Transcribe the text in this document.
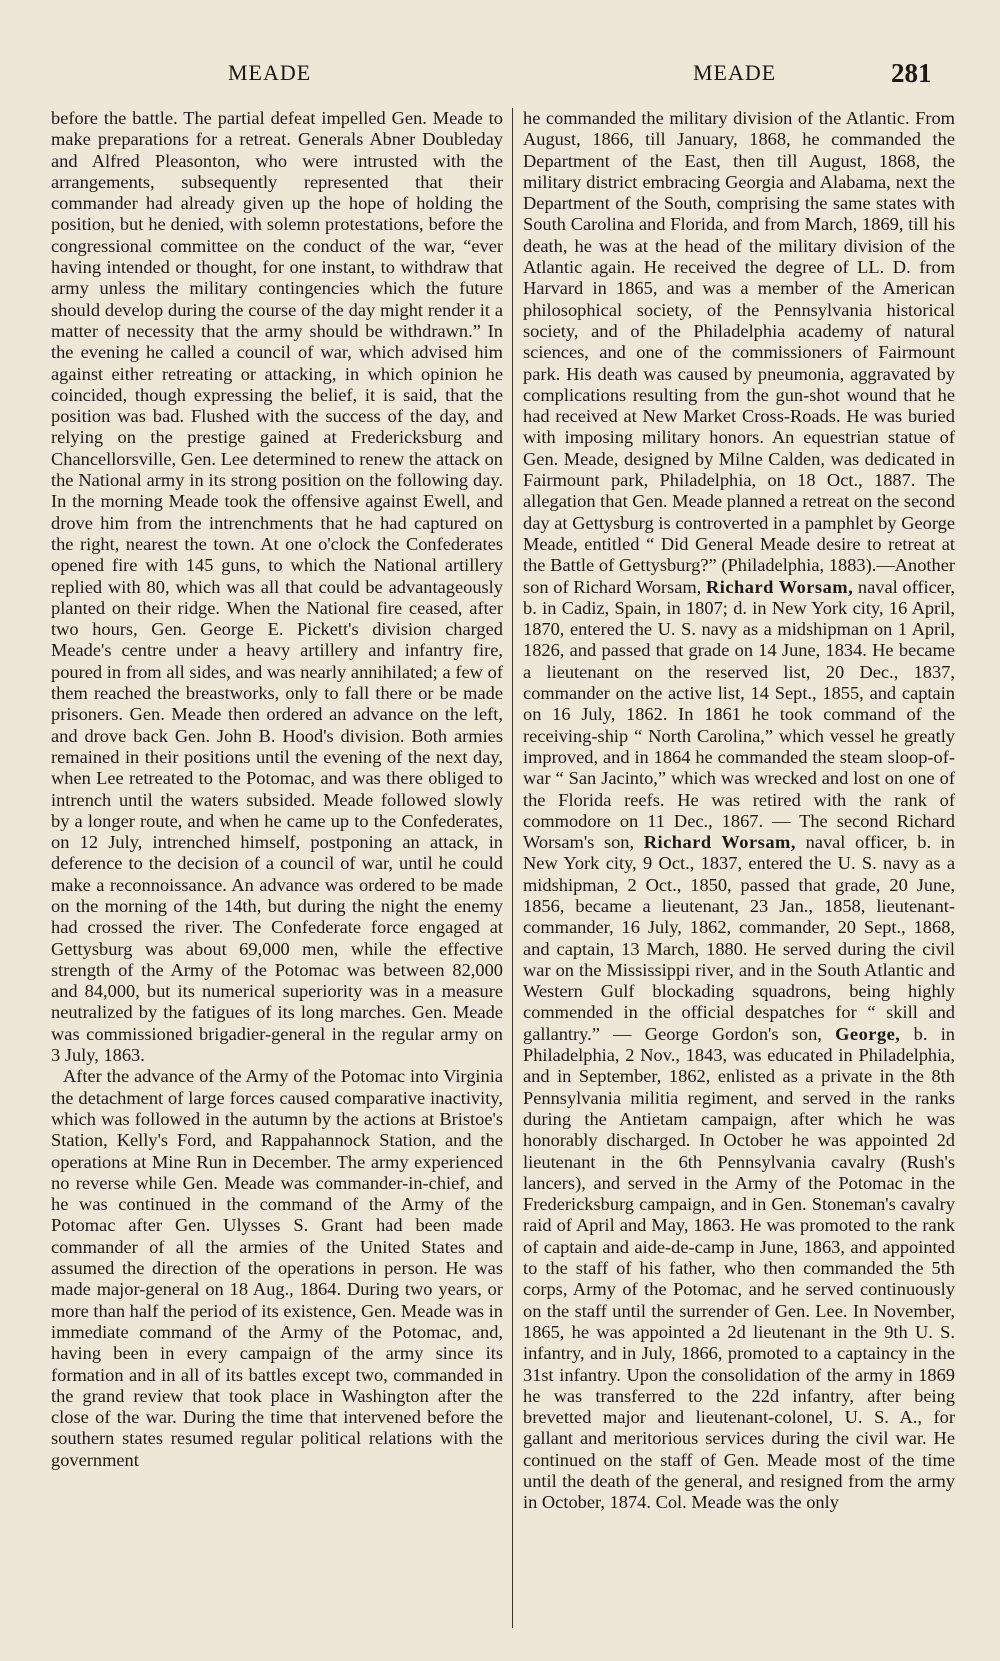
MEADE	MEADE	281

before the battle. The partial defeat impelled Gen. Meade to make preparations for a retreat. Generals Abner Doubleday and Alfred Pleasonton, who were intrusted with the arrangements, subsequently represented that their commander had already given up the hope of holding the position, but he denied, with solemn protestations, before the congressional committee on the conduct of the war, “ever having intended or thought, for one instant, to withdraw that army unless the military contingencies which the future should develop during the course of the day might render it a matter of necessity that the army should be withdrawn.” In the evening he called a council of war, which advised him against either retreating or attacking, in which opinion he coincided, though expressing the belief, it is said, that the position was bad. Flushed with the success of the day, and relying on the prestige gained at Fredericksburg and Chancellorsville, Gen. Lee determined to renew the attack on the National army in its strong position on the following day. In the morning Meade took the offensive against Ewell, and drove him from the intrenchments that he had captured on the right, nearest the town. At one o'clock the Confederates opened fire with 145 guns, to which the National artillery replied with 80, which was all that could be advantageously planted on their ridge. When the National fire ceased, after two hours, Gen. George E. Pickett's division charged Meade's centre under a heavy artillery and infantry fire, poured in from all sides, and was nearly annihilated; a few of them reached the breastworks, only to fall there or be made prisoners. Gen. Meade then ordered an advance on the left, and drove back Gen. John B. Hood's division. Both armies remained in their positions until the evening of the next day, when Lee retreated to the Potomac, and was there obliged to intrench until the waters subsided. Meade followed slowly by a longer route, and when he came up to the Confederates, on 12 July, intrenched himself, postponing an attack, in deference to the decision of a council of war, until he could make a reconnoissance. An advance was ordered to be made on the morning of the 14th, but during the night the enemy had crossed the river. The Confederate force engaged at Gettysburg was about 69,000 men, while the effective strength of the Army of the Potomac was between 82,000 and 84,000, but its numerical superiority was in a measure neutralized by the fatigues of its long marches. Gen. Meade was commissioned brigadier-general in the regular army on 3 July, 1863.

After the advance of the Army of the Potomac into Virginia the detachment of large forces caused comparative inactivity, which was followed in the autumn by the actions at Bristoe's Station, Kelly's Ford, and Rappahannock Station, and the operations at Mine Run in December. The army experienced no reverse while Gen. Meade was commander-in-chief, and he was continued in the command of the Army of the Potomac after Gen. Ulysses S. Grant had been made commander of all the armies of the United States and assumed the direction of the operations in person. He was made major-general on 18 Aug., 1864. During two years, or more than half the period of its existence, Gen. Meade was in immediate command of the Army of the Potomac, and, having been in every campaign of the army since its formation and in all of its battles except two, commanded in the grand review that took place in Washington after the close of the war. During the time that intervened before the southern states resumed regular political relations with the government

he commanded the military division of the Atlantic. From August, 1866, till January, 1868, he commanded the Department of the East, then till August, 1868, the military district embracing Georgia and Alabama, next the Department of the South, comprising the same states with South Carolina and Florida, and from March, 1869, till his death, he was at the head of the military division of the Atlantic again. He received the degree of LL. D. from Harvard in 1865, and was a member of the American philosophical society, of the Pennsylvania historical society, and of the Philadelphia academy of natural sciences, and one of the commissioners of Fairmount park. His death was caused by pneumonia, aggravated by complications resulting from the gun-shot wound that he had received at New Market Cross-Roads. He was buried with imposing military honors. An equestrian statue of Gen. Meade, designed by Milne Calden, was dedicated in Fairmount park, Philadelphia, on 18 Oct., 1887. The allegation that Gen. Meade planned a retreat on the second day at Gettysburg is controverted in a pamphlet by George Meade, entitled “ Did General Meade desire to retreat at the Battle of Gettysburg?” (Philadelphia, 1883).—Another son of Richard Worsam, Richard Worsam, naval officer, b. in Cadiz, Spain, in 1807; d. in New York city, 16 April, 1870, entered the U. S. navy as a midshipman on 1 April, 1826, and passed that grade on 14 June, 1834. He became a lieutenant on the reserved list, 20 Dec., 1837, commander on the active list, 14 Sept., 1855, and captain on 16 July, 1862. In 1861 he took command of the receiving-ship “ North Carolina,” which vessel he greatly improved, and in 1864 he commanded the steam sloop-of-war “ San Jacinto,” which was wrecked and lost on one of the Florida reefs. He was retired with the rank of commodore on 11 Dec., 1867. — The second Richard Worsam's son, Richard Worsam, naval officer, b. in New York city, 9 Oct., 1837, entered the U. S. navy as a midshipman, 2 Oct., 1850, passed that grade, 20 June, 1856, became a lieutenant, 23 Jan., 1858, lieutenant-commander, 16 July, 1862, commander, 20 Sept., 1868, and captain, 13 March, 1880. He served during the civil war on the Mississippi river, and in the South Atlantic and Western Gulf blockading squadrons, being highly commended in the official despatches for “ skill and gallantry.” — George Gordon's son, George, b. in Philadelphia, 2 Nov., 1843, was educated in Philadelphia, and in September, 1862, enlisted as a private in the 8th Pennsylvania militia regiment, and served in the ranks during the Antietam campaign, after which he was honorably discharged. In October he was appointed 2d lieutenant in the 6th Pennsylvania cavalry (Rush's lancers), and served in the Army of the Potomac in the Fredericksburg campaign, and in Gen. Stoneman's cavalry raid of April and May, 1863. He was promoted to the rank of captain and aide-de-camp in June, 1863, and appointed to the staff of his father, who then commanded the 5th corps, Army of the Potomac, and he served continuously on the staff until the surrender of Gen. Lee. In November, 1865, he was appointed a 2d lieutenant in the 9th U. S. infantry, and in July, 1866, promoted to a captaincy in the 31st infantry. Upon the consolidation of the army in 1869 he was transferred to the 22d infantry, after being brevetted major and lieutenant-colonel, U. S. A., for gallant and meritorious services during the civil war. He continued on the staff of Gen. Meade most of the time until the death of the general, and resigned from the army in October, 1874. Col. Meade was the only
